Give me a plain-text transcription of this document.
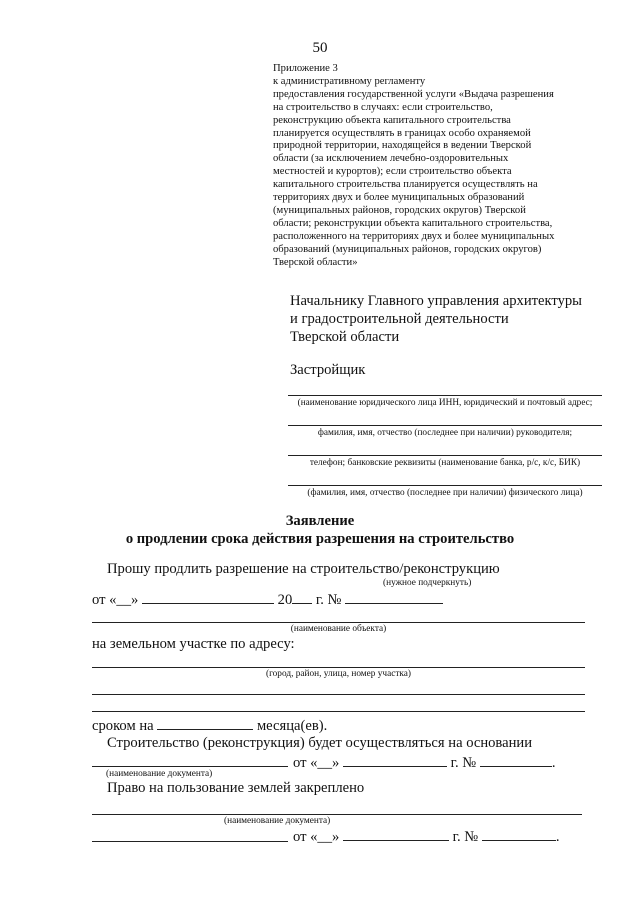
50
Приложение 3
к административному регламенту
предоставления государственной услуги «Выдача разрешения
на строительство в случаях: если строительство,
реконструкцию объекта капитального строительства
планируется осуществлять в границах особо охраняемой
природной территории, находящейся в ведении Тверской
области (за исключением лечебно-оздоровительных
местностей и курортов); если строительство объекта
капитального строительства планируется осуществлять на
территориях двух и более муниципальных образований
(муниципальных районов, городских округов) Тверской
области; реконструкции объекта капитального строительства,
расположенного на территориях двух и более муниципальных
образований (муниципальных районов, городских округов)
Тверской области»
Начальнику Главного управления архитектуры
и градостроительной деятельности
Тверской области
Застройщик
(наименование юридического лица ИНН, юридический и почтовый адрес;
фамилия, имя, отчество (последнее при наличии) руководителя;
телефон; банковские реквизиты (наименование банка, р/с, к/с, БИК)
(фамилия, имя, отчество (последнее при наличии) физического лица)
Заявление
о продлении срока действия разрешения на строительство
Прошу продлить разрешение на строительство/реконструкцию
(нужное подчеркнуть)
от «__»	20 г. №
(наименование объекта)
на земельном участке по адресу:
(город, район, улица, номер участка)
сроком на	месяца(ев).
Строительство (реконструкция) будет осуществляться на основании
от «__»	г. №	.
(наименование документа)
Право на пользование землей закреплено
(наименование документа)
от «__»	г. №	.
